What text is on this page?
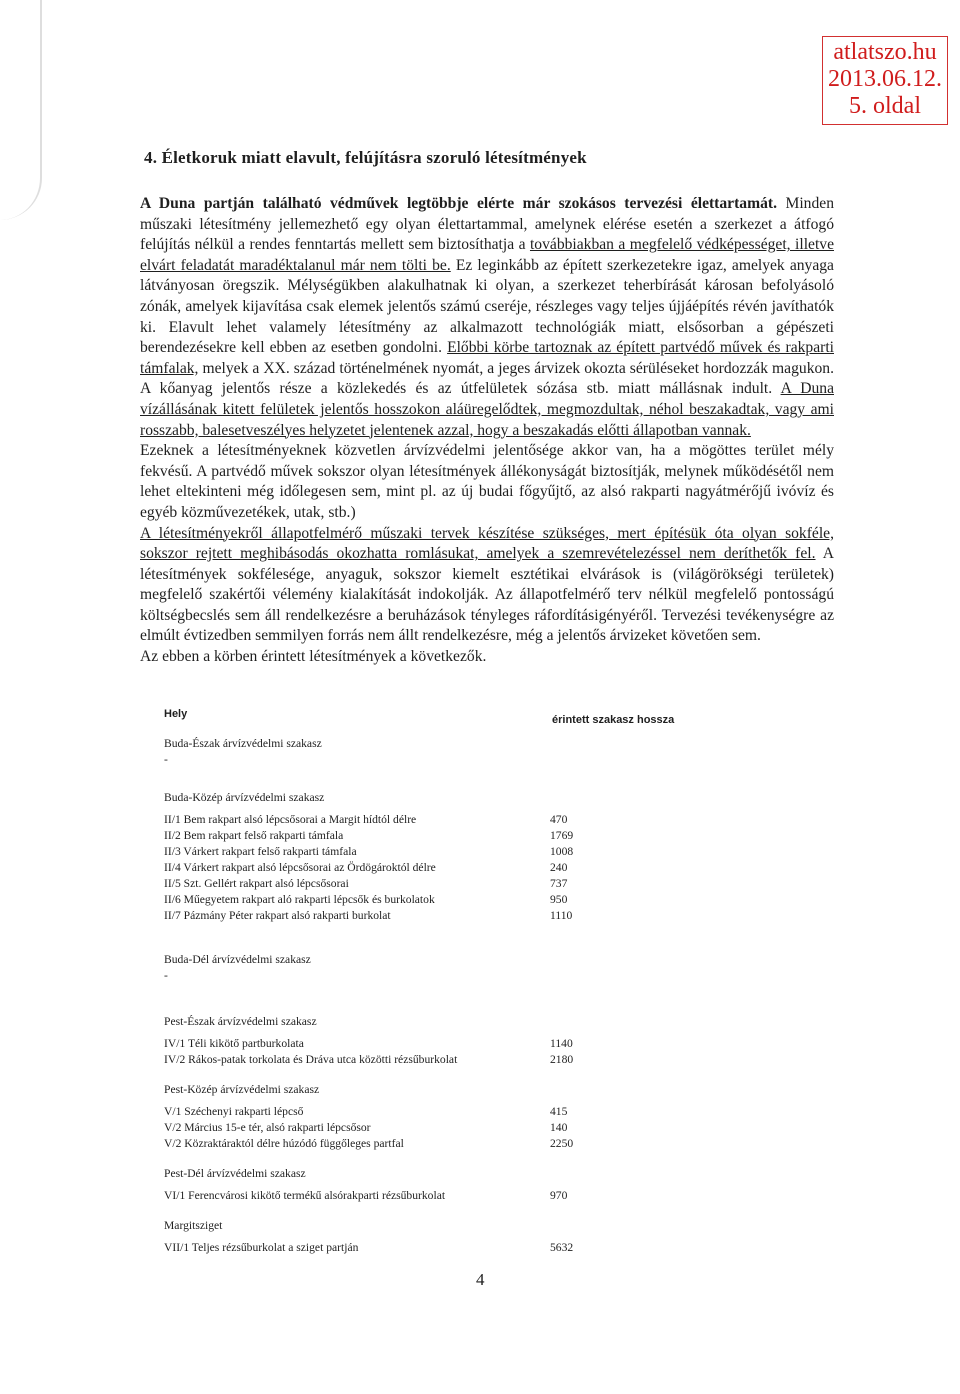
atlatszo.hu
2013.06.12.
5. oldal
4. Életkoruk miatt elavult, felújításra szoruló létesítmények

A Duna partján található védművek legtöbbje elérte már szokásos tervezési élettartamát. Minden műszaki létesítmény jellemezhető egy olyan élettartammal, amelynek elérése esetén a szerkezet a átfogó felújítás nélkül a rendes fenntartás mellett sem biztosíthatja a továbbiakban a megfelelő védképességet, illetve elvárt feladatát maradéktalanul már nem tölti be. Ez leginkább az épített szerkezetekre igaz, amelyek anyaga látványosan öregszik. Mélységükben alakulhatnak ki olyan, a szerkezet teherbírását károsan befolyásoló zónák, amelyek kijavítása csak elemek jelentős számú cseréje, részleges vagy teljes újjáépítés révén javíthatók ki. Elavult lehet valamely létesítmény az alkalmazott technológiák miatt, elsősorban a gépészeti berendezésekre kell ebben az esetben gondolni. Előbbi körbe tartoznak az épített partvédő művek és rakparti támfalak, melyek a XX. század történelmének nyomát, a jeges árvizek okozta sérüléseket hordozzák magukon. A kőanyag jelentős része a közlekedés és az útfelületek sózása stb. miatt mállásnak indult. A Duna vízállásának kitett felületek jelentős hosszokon aláüregelődtek, megmozdultak, néhol beszakadtak, vagy ami rosszabb, balesetveszélyes helyzetet jelentenek azzal, hogy a beszakadás előtti állapotban vannak.

Ezeknek a létesítményeknek közvetlen árvízvédelmi jelentősége akkor van, ha a mögöttes terület mély fekvésű. A partvédő művek sokszor olyan létesítmények állékonyságát biztosítják, melynek működésétől nem lehet eltekinteni még időlegesen sem, mint pl. az új budai főgyűjtő, az alsó rakparti nagyátmérőjű ivóvíz és egyéb közművezetékek, utak, stb.)

A létesítményekről állapotfelmérő műszaki tervek készítése szükséges, mert építésük óta olyan sokféle, sokszor rejtett meghibásodás okozhatta romlásukat, amelyek a szemrevételezéssel nem deríthetők fel. A létesítmények sokfélesége, anyaguk, sokszor kiemelt esztétikai elvárások is (világörökségi területek) megfelelő szakértői vélemény kialakítását indokolják. Az állapotfelmérő terv nélkül megfelelő pontosságú költségbecslés sem áll rendelkezésre a beruházások tényleges ráfordításigényéről. Tervezési tevékenységre az elmúlt évtizedben semmilyen forrás nem állt rendelkezésre, még a jelentős árvizeket követően sem.

Az ebben a körben érintett létesítmények a következők.

Hely	érintett szakasz hossza
Buda-Észak árvízvédelmi szakasz
-
Buda-Közép árvízvédelmi szakasz
II/1 Bem rakpart alsó lépcsősorai a Margit hídtól délre	470
II/2 Bem rakpart felső rakparti támfala	1769
II/3 Várkert rakpart felső rakparti támfala	1008
II/4 Várkert rakpart alsó lépcsősorai az Ördögároktól délre	240
II/5 Szt. Gellért rakpart alsó lépcsősorai	737
II/6 Műegyetem rakpart aló rakparti lépcsők és burkolatok	950
II/7 Pázmány Péter rakpart alsó rakparti burkolat	1110
Buda-Dél árvízvédelmi szakasz
-
Pest-Észak árvízvédelmi szakasz
IV/1 Téli kikötő partburkolata	1140
IV/2 Rákos-patak torkolata és Dráva utca közötti rézsűburkolat	2180
Pest-Közép árvízvédelmi szakasz
V/1 Széchenyi rakparti lépcső	415
V/2 Március 15-e tér, alsó rakparti lépcsősor	140
V/2 Közraktáraktól délre húzódó függőleges partfal	2250
Pest-Dél árvízvédelmi szakasz
VI/1 Ferencvárosi kikötő termékű alsórakparti rézsűburkolat	970
Margitsziget
VII/1 Teljes rézsűburkolat a sziget partján	5632
4
